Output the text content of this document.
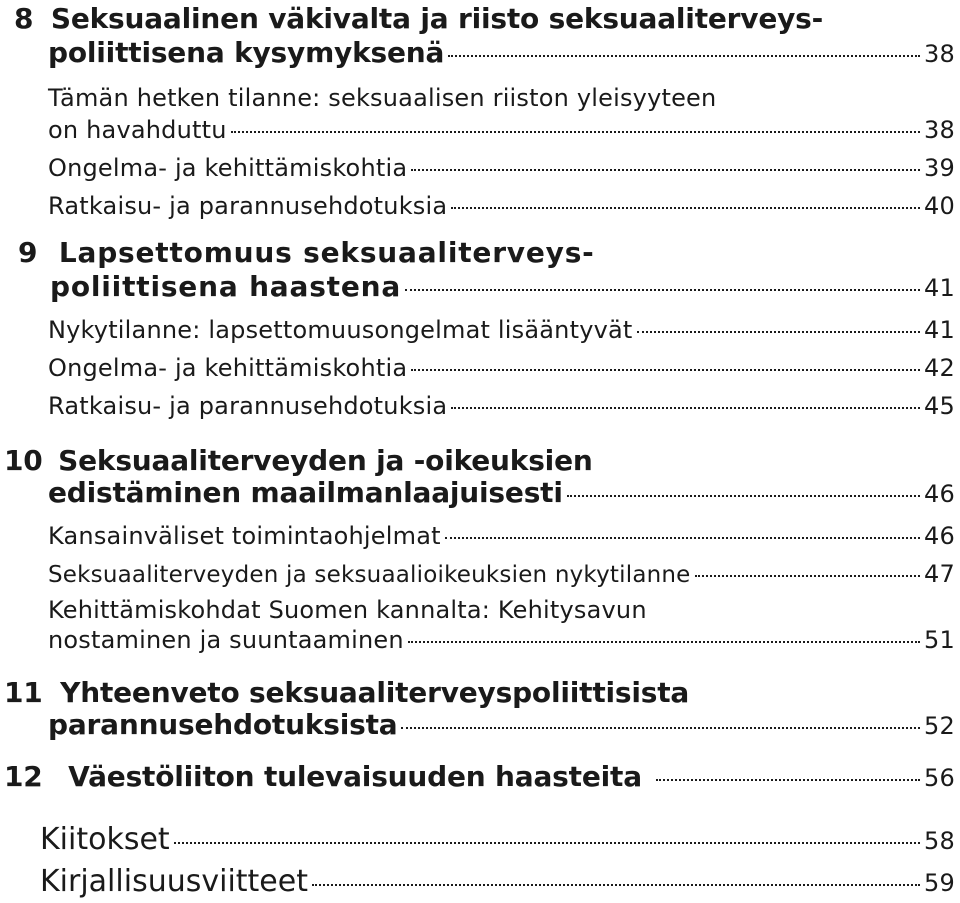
8 Seksuaalinen väkivalta ja riisto seksuaaliterveys-
poliittisena kysymyksenä	38
Tämän hetken tilanne: seksuaalisen riiston yleisyyteen
on havahduttu	38
Ongelma- ja kehittämiskohtia	39
Ratkaisu- ja parannusehdotuksia	40
9 Lapsettomuus seksuaaliterveys-
poliittisena haastena	41
Nykytilanne: lapsettomuusongelmat lisääntyvät	41
Ongelma- ja kehittämiskohtia	42
Ratkaisu- ja parannusehdotuksia	45
10 Seksuaaliterveyden ja -oikeuksien
edistäminen maailmanlaajuisesti	46
Kansainväliset toimintaohjelmat	46
Seksuaaliterveyden ja seksuaalioikeuksien nykytilanne	47
Kehittämiskohdat Suomen kannalta: Kehitysavun
nostaminen ja suuntaaminen	51
11 Yhteenveto seksuaaliterveyspoliittisista
parannusehdotuksista	52
12 Väestöliiton tulevaisuuden haasteita	56
Kiitokset	58
Kirjallisuusviitteet	59
